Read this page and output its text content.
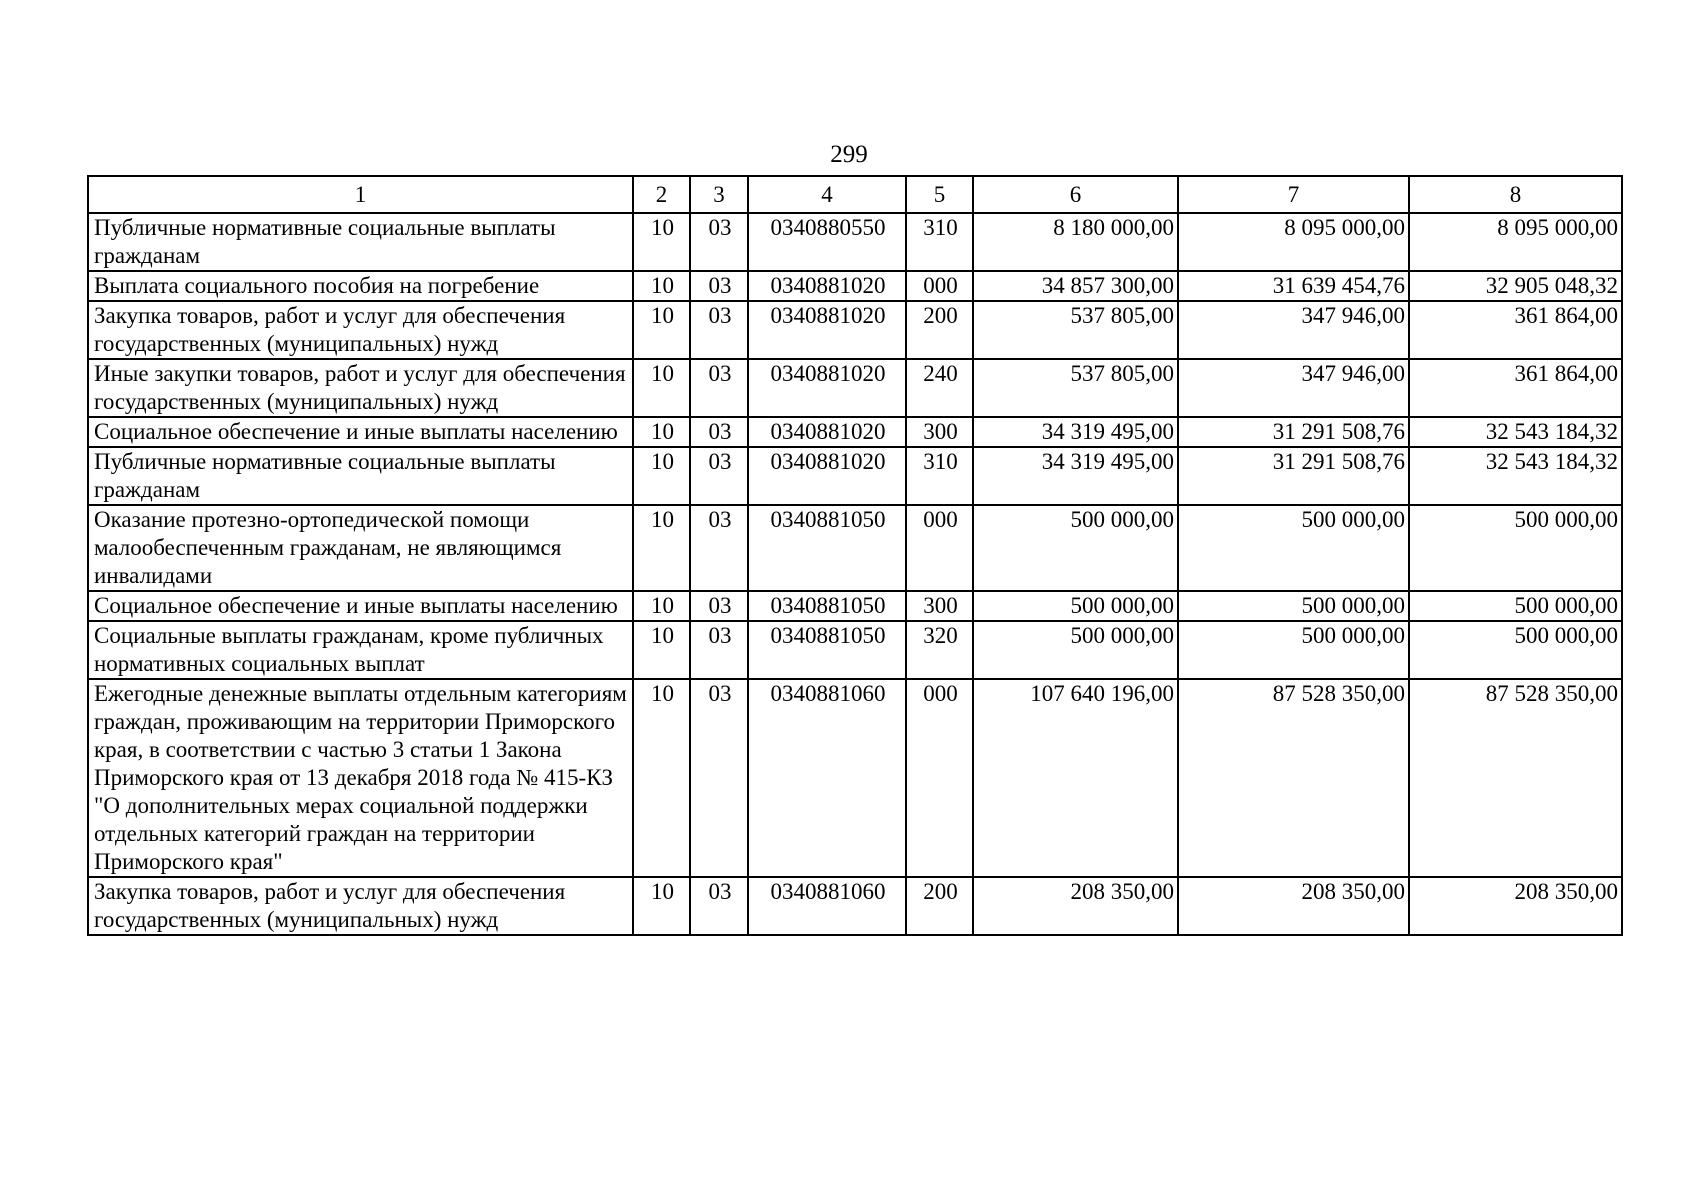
299
1	2	3	4	5	6	7	8
Публичные нормативные социальные выплаты гражданам	10	03	0340880550	310	8 180 000,00	8 095 000,00	8 095 000,00
Выплата социального пособия на погребение	10	03	0340881020	000	34 857 300,00	31 639 454,76	32 905 048,32
Закупка товаров, работ и услуг для обеспечения государственных (муниципальных) нужд	10	03	0340881020	200	537 805,00	347 946,00	361 864,00
Иные закупки товаров, работ и услуг для обеспечения государственных (муниципальных) нужд	10	03	0340881020	240	537 805,00	347 946,00	361 864,00
Социальное обеспечение и иные выплаты населению	10	03	0340881020	300	34 319 495,00	31 291 508,76	32 543 184,32
Публичные нормативные социальные выплаты гражданам	10	03	0340881020	310	34 319 495,00	31 291 508,76	32 543 184,32
Оказание протезно-ортопедической помощи малообеспеченным гражданам, не являющимся инвалидами	10	03	0340881050	000	500 000,00	500 000,00	500 000,00
Социальное обеспечение и иные выплаты населению	10	03	0340881050	300	500 000,00	500 000,00	500 000,00
Социальные выплаты гражданам, кроме публичных нормативных социальных выплат	10	03	0340881050	320	500 000,00	500 000,00	500 000,00
Ежегодные денежные выплаты отдельным категориям граждан, проживающим на территории Приморского края, в соответствии с частью 3 статьи 1 Закона Приморского края от 13 декабря 2018 года № 415-КЗ "О дополнительных мерах социальной поддержки отдельных категорий граждан на территории Приморского края"	10	03	0340881060	000	107 640 196,00	87 528 350,00	87 528 350,00
Закупка товаров, работ и услуг для обеспечения государственных (муниципальных) нужд	10	03	0340881060	200	208 350,00	208 350,00	208 350,00
